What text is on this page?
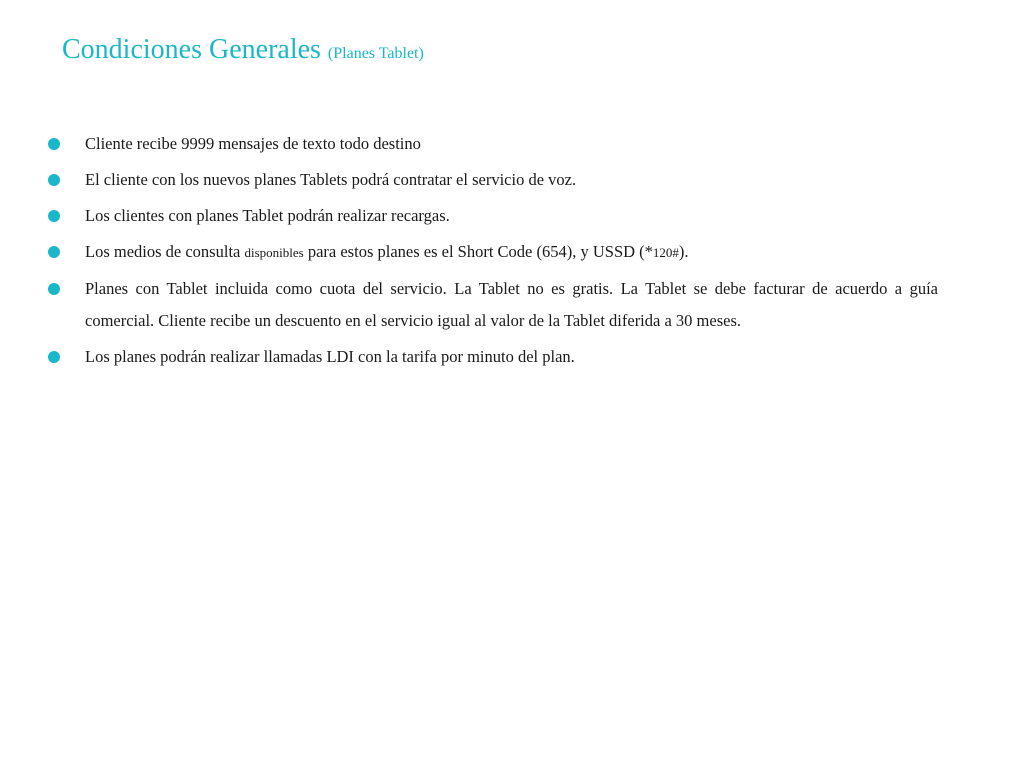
Condiciones Generales (Planes Tablet)
Cliente recibe 9999 mensajes de texto todo destino
El cliente con los nuevos planes Tablets podrá contratar el servicio de voz.
Los clientes con planes Tablet podrán realizar recargas.
Los medios de consulta disponibles para estos planes es el Short Code (654), y USSD (*120#).
Planes con Tablet incluida como cuota del servicio. La Tablet no es gratis. La Tablet se debe facturar de acuerdo a guía comercial. Cliente recibe un descuento en el servicio igual al valor de la Tablet diferida a 30 meses.
Los planes podrán realizar llamadas LDI con la tarifa por minuto del plan.
